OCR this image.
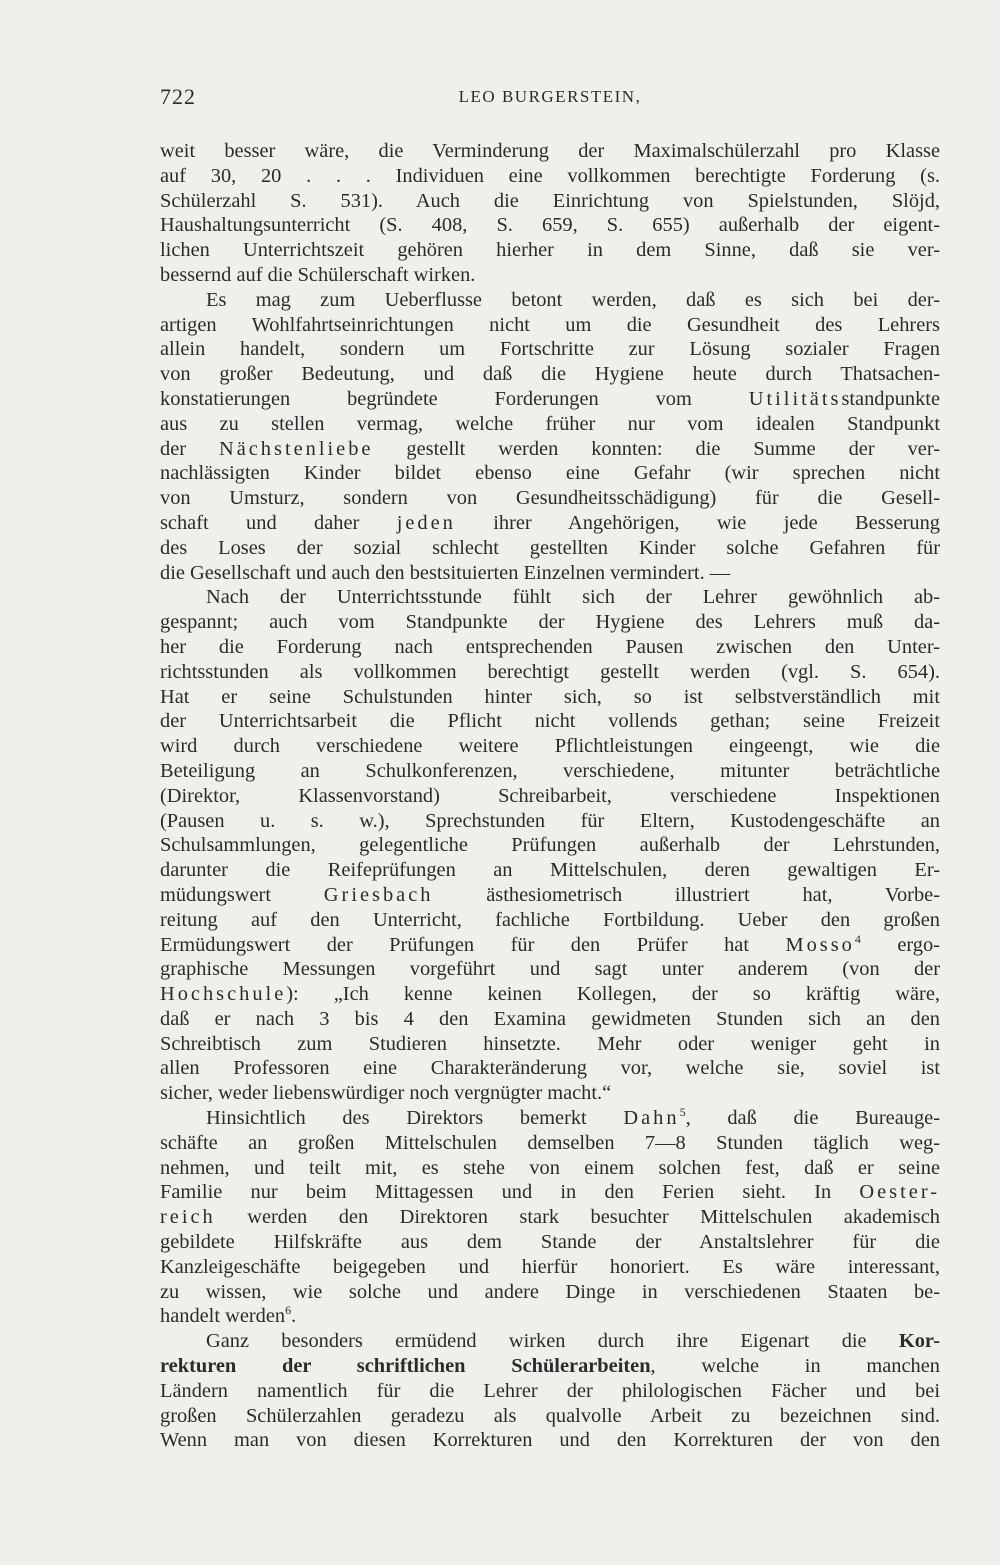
722	LEO BURGERSTEIN,
weit besser wäre, die Verminderung der Maximalschülerzahl pro Klasse
auf 30, 20 . . . Individuen eine vollkommen berechtigte Forderung (s.
Schülerzahl S. 531). Auch die Einrichtung von Spielstunden, Slöjd,
Haushaltungsunterricht (S. 408, S. 659, S. 655) außerhalb der eigent-
lichen Unterrichtszeit gehören hierher in dem Sinne, daß sie ver-
bessernd auf die Schülerschaft wirken.
Es mag zum Ueberflusse betont werden, daß es sich bei der-
artigen Wohlfahrtseinrichtungen nicht um die Gesundheit des Lehrers
allein handelt, sondern um Fortschritte zur Lösung sozialer Fragen
von großer Bedeutung, und daß die Hygiene heute durch Thatsachen-
konstatierungen begründete Forderungen vom Utilitätsstandpunkte
aus zu stellen vermag, welche früher nur vom idealen Standpunkt
der Nächstenliebe gestellt werden konnten: die Summe der ver-
nachlässigten Kinder bildet ebenso eine Gefahr (wir sprechen nicht
von Umsturz, sondern von Gesundheitsschädigung) für die Gesell-
schaft und daher jeden ihrer Angehörigen, wie jede Besserung
des Loses der sozial schlecht gestellten Kinder solche Gefahren für
die Gesellschaft und auch den bestsituierten Einzelnen vermindert. —
Nach der Unterrichtsstunde fühlt sich der Lehrer gewöhnlich ab-
gespannt; auch vom Standpunkte der Hygiene des Lehrers muß da-
her die Forderung nach entsprechenden Pausen zwischen den Unter-
richtsstunden als vollkommen berechtigt gestellt werden (vgl. S. 654).
Hat er seine Schulstunden hinter sich, so ist selbstverständlich mit
der Unterrichtsarbeit die Pflicht nicht vollends gethan; seine Freizeit
wird durch verschiedene weitere Pflichtleistungen eingeengt, wie die
Beteiligung an Schulkonferenzen, verschiedene, mitunter beträchtliche
(Direktor, Klassenvorstand) Schreibarbeit, verschiedene Inspektionen
(Pausen u. s. w.), Sprechstunden für Eltern, Kustodengeschäfte an
Schulsammlungen, gelegentliche Prüfungen außerhalb der Lehrstunden,
darunter die Reifeprüfungen an Mittelschulen, deren gewaltigen Er-
müdungswert Griesbach ästhesiometrisch illustriert hat, Vorbe-
reitung auf den Unterricht, fachliche Fortbildung. Ueber den großen
Ermüdungswert der Prüfungen für den Prüfer hat Mosso$^4$ ergo-
graphische Messungen vorgeführt und sagt unter anderem (von der
Hochschule): „Ich kenne keinen Kollegen, der so kräftig wäre,
daß er nach 3 bis 4 den Examina gewidmeten Stunden sich an den
Schreibtisch zum Studieren hinsetzte. Mehr oder weniger geht in
allen Professoren eine Charakteränderung vor, welche sie, soviel ist
sicher, weder liebenswürdiger noch vergnügter macht.“
Hinsichtlich des Direktors bemerkt Dahn$^5$, daß die Bureauge-
schäfte an großen Mittelschulen demselben 7—8 Stunden täglich weg-
nehmen, und teilt mit, es stehe von einem solchen fest, daß er seine
Familie nur beim Mittagessen und in den Ferien sieht. In Oester-
reich werden den Direktoren stark besuchter Mittelschulen akademisch
gebildete Hilfskräfte aus dem Stande der Anstaltslehrer für die
Kanzleigeschäfte beigegeben und hierfür honoriert. Es wäre interessant,
zu wissen, wie solche und andere Dinge in verschiedenen Staaten be-
handelt werden$^6$.
Ganz besonders ermüdend wirken durch ihre Eigenart die Kor-
rekturen der schriftlichen Schülerarbeiten, welche in manchen
Ländern namentlich für die Lehrer der philologischen Fächer und bei
großen Schülerzahlen geradezu als qualvolle Arbeit zu bezeichnen sind.
Wenn man von diesen Korrekturen und den Korrekturen der von den
